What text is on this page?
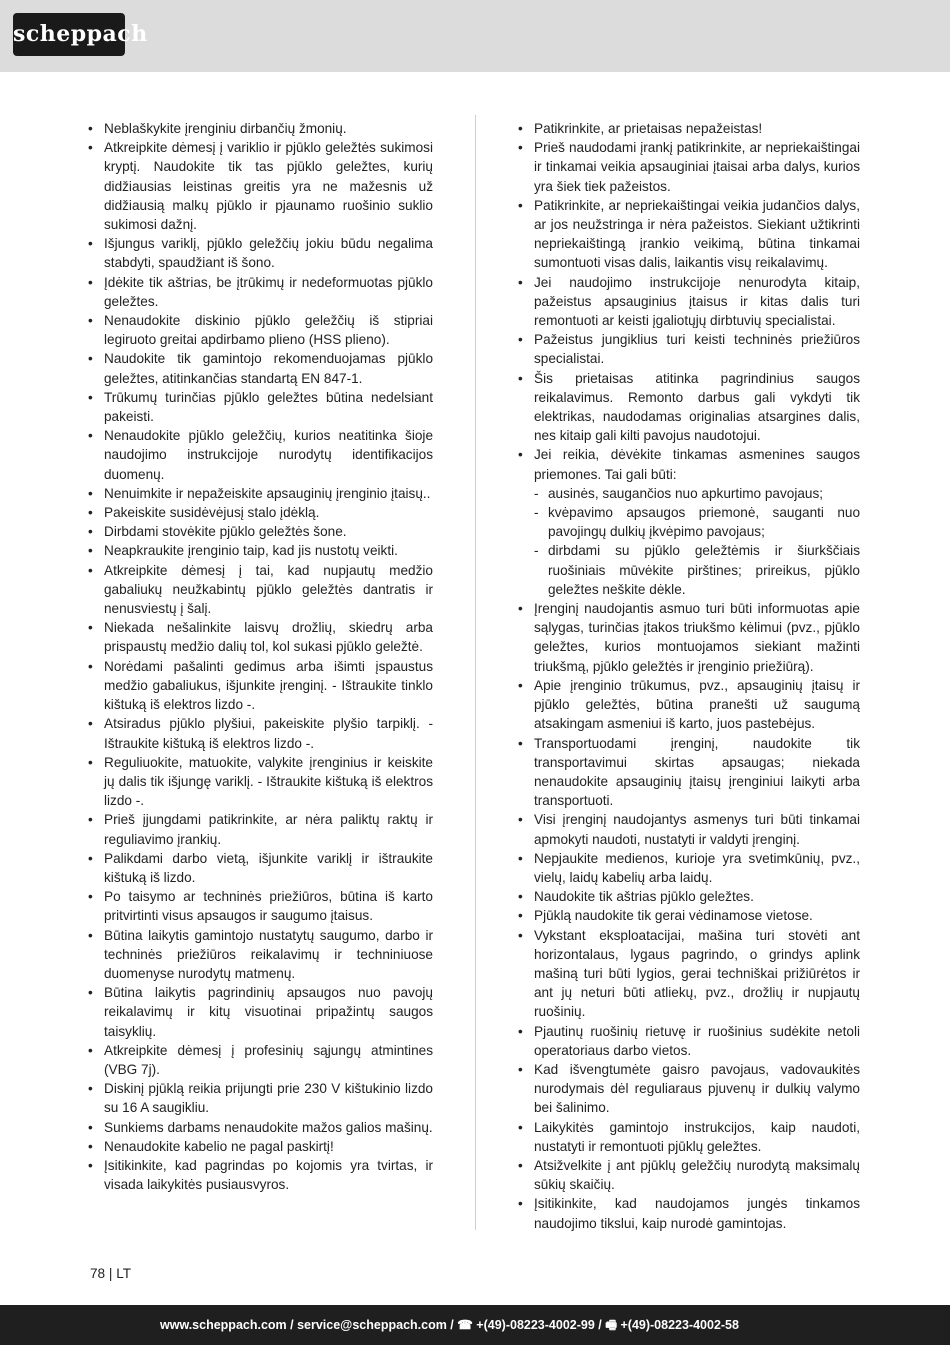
scheppach
• Neblaškykite įrenginiu dirbančių žmonių.
• Atkreipkite dėmesį į variklio ir pjūklo geležtės sukimosi kryptį. Naudokite tik tas pjūklo geležtes, kurių didžiausias leistinas greitis yra ne mažesnis už didžiausią malkų pjūklo ir pjaunamo ruošinio suklio sukimosi dažnį.
• Išjungus variklį, pjūklo geležčių jokiu būdu negalima stabdyti, spaudžiant iš šono.
• Įdėkite tik aštrias, be įtrūkimų ir nedeformuotas pjūklo geležtes.
• Nenaudokite diskinio pjūklo geležčių iš stipriai legiruoto greitai apdirbamo plieno (HSS plieno).
• Naudokite tik gamintojo rekomenduojamas pjūklo geležtes, atitinkančias standartą EN 847-1.
• Trūkumų turinčias pjūklo geležtes būtina nedelsiant pakeisti.
• Nenaudokite pjūklo geležčių, kurios neatitinka šioje naudojimo instrukcijoje nurodytų identifikacijos duomenų.
• Nenuimkite ir nepažeiskite apsauginių įrenginio įtaisų..
• Pakeiskite susidėvėjusį stalo įdėklą.
• Dirbdami stovėkite pjūklo geležtės šone.
• Neapkraukite įrenginio taip, kad jis nustotų veikti.
• Atkreipkite dėmesį į tai, kad nupjautų medžio gabaliukų neužkabintų pjūklo geležtės dantratis ir nenusviestų į šalį.
• Niekada nešalinkite laisvų drožlių, skiedrų arba prispaustų medžio dalių tol, kol sukasi pjūklo geležtė.
• Norėdami pašalinti gedimus arba išimti įspaustus medžio gabaliukus, išjunkite įrenginį. - Ištraukite tinklo kištuką iš elektros lizdo -.
• Atsiradus pjūklo plyšiui, pakeiskite plyšio tarpiklį. - Ištraukite kištuką iš elektros lizdo -.
• Reguliuokite, matuokite, valykite įrenginius ir keiskite jų dalis tik išjungę variklį. - Ištraukite kištuką iš elektros lizdo -.
• Prieš įjungdami patikrinkite, ar nėra paliktų raktų ir reguliavimo įrankių.
• Palikdami darbo vietą, išjunkite variklį ir ištraukite kištuką iš lizdo.
• Po taisymo ar techninės priežiūros, būtina iš karto pritvirtinti visus apsaugos ir saugumo įtaisus.
• Būtina laikytis gamintojo nustatytų saugumo, darbo ir techninės priežiūros reikalavimų ir techniniuose duomenyse nurodytų matmenų.
• Būtina laikytis pagrindinių apsaugos nuo pavojų reikalavimų ir kitų visuotinai pripažintų saugos taisyklių.
• Atkreipkite dėmesį į profesinių sąjungų atmintines (VBG 7j).
• Diskinį pjūklą reikia prijungti prie 230 V kištukinio lizdo su 16 A saugikliu.
• Sunkiems darbams nenaudokite mažos galios mašinų.
• Nenaudokite kabelio ne pagal paskirtį!
• Įsitikinkite, kad pagrindas po kojomis yra tvirtas, ir visada laikykitės pusiausvyros.
• Patikrinkite, ar prietaisas nepažeistas!
• Prieš naudodami įrankį patikrinkite, ar nepriekaištingai ir tinkamai veikia apsauginiai įtaisai arba dalys, kurios yra šiek tiek pažeistos.
• Patikrinkite, ar nepriekaištingai veikia judančios dalys, ar jos neužstringa ir nėra pažeistos. Siekiant užtikrinti nepriekaištingą įrankio veikimą, būtina tinkamai sumontuoti visas dalis, laikantis visų reikalavimų.
• Jei naudojimo instrukcijoje nenurodyta kitaip, pažeistus apsauginius įtaisus ir kitas dalis turi remontuoti ar keisti įgaliotųjų dirbtuvių specialistai.
• Pažeistus jungiklius turi keisti techninės priežiūros specialistai.
• Šis prietaisas atitinka pagrindinius saugos reikalavimus. Remonto darbus gali vykdyti tik elektrikas, naudodamas originalias atsargines dalis, nes kitaip gali kilti pavojus naudotojui.
• Jei reikia, dėvėkite tinkamas asmenines saugos priemones. Tai gali būti:
- ausinės, saugančios nuo apkurtimo pavojaus;
- kvėpavimo apsaugos priemonė, sauganti nuo pavojingų dulkių įkvėpimo pavojaus;
- dirbdami su pjūklo geležtėmis ir šiurkščiais ruošiniais mūvėkite pirštines; prireikus, pjūklo geležtes neškite dėkle.
• Įrenginį naudojantis asmuo turi būti informuotas apie sąlygas, turinčias įtakos triukšmo kėlimui (pvz., pjūklo geležtes, kurios montuojamos siekiant mažinti triukšmą, pjūklo geležtės ir įrenginio priežiūrą).
• Apie įrenginio trūkumus, pvz., apsauginių įtaisų ir pjūklo geležtės, būtina pranešti už saugumą atsakingam asmeniui iš karto, juos pastebėjus.
• Transportuodami įrenginį, naudokite tik transportavimui skirtas apsaugas; niekada nenaudokite apsauginių įtaisų įrenginiui laikyti arba transportuoti.
• Visi įrenginį naudojantys asmenys turi būti tinkamai apmokyti naudoti, nustatyti ir valdyti įrenginį.
• Nepjaukite medienos, kurioje yra svetimkūnių, pvz., vielų, laidų kabelių arba laidų.
• Naudokite tik aštrias pjūklo geležtes.
• Pjūklą naudokite tik gerai vėdinamose vietose.
• Vykstant eksploatacijai, mašina turi stovėti ant horizontalaus, lygaus pagrindo, o grindys aplink mašiną turi būti lygios, gerai techniškai prižiūrėtos ir ant jų neturi būti atliekų, pvz., drožlių ir nupjautų ruošinių.
• Pjautinų ruošinių rietuvę ir ruošinius sudėkite netoli operatoriaus darbo vietos.
• Kad išvengtumėte gaisro pavojaus, vadovaukitės nurodymais dėl reguliaraus pjuvenų ir dulkių valymo bei šalinimo.
• Laikykitės gamintojo instrukcijos, kaip naudoti, nustatyti ir remontuoti pjūklų geležtes.
• Atsižvelkite į ant pjūklų geležčių nurodytą maksimalų sūkių skaičių.
• Įsitikinkite, kad naudojamos jungės tinkamos naudojimo tikslui, kaip nurodė gamintojas.
78 | LT
www.scheppach.com / service@scheppach.com / ☎ +(49)-08223-4002-99 / 🖷 +(49)-08223-4002-58
